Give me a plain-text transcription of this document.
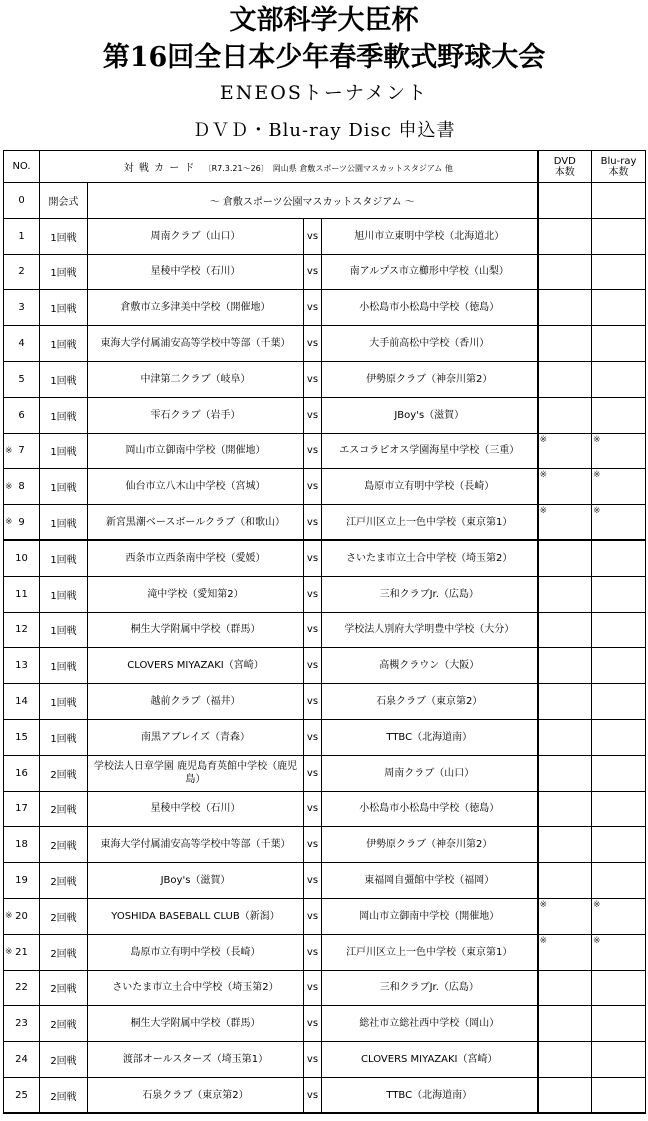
文部科学大臣杯
第16回全日本少年春季軟式野球大会
ENEOSトーナメント
ＤＶＤ・Blu-ray Disc 申込書
NO.	対 戦 カ ー ド 〔R7.3.21～26〕　岡山県 倉敷スポーツ公園マスカットスタジアム 他				DVD
本数	Blu-ray
本数
0	開会式	～ 倉敷スポーツ公園マスカットスタジアム ～				
1	1回戦	周南クラブ（山口）	vs	旭川市立東明中学校（北海道北）		
2	1回戦	星稜中学校（石川）	vs	南アルプス市立櫛形中学校（山梨）		
3	1回戦	倉敷市立多津美中学校（開催地）	vs	小松島市小松島中学校（徳島）		
4	1回戦	東海大学付属浦安高等学校中等部（千葉）	vs	大手前高松中学校（香川）		
5	1回戦	中津第二クラブ（岐阜）	vs	伊勢原クラブ（神奈川第2）		
6	1回戦	雫石クラブ（岩手）	vs	JBoy's（滋賀）		

※ 7	1回戦	岡山市立御南中学校（開催地）	vs	エスコラピオス学園海星中学校（三重）	※	※

※ 8	1回戦	仙台市立八木山中学校（宮城）	vs	島原市立有明中学校（長崎）	※	※

※ 9	1回戦	新宮黒潮ベースボールクラブ（和歌山）	vs	江戸川区立上一色中学校（東京第1）	※	※

10	1回戦	西条市立西条南中学校（愛媛）	vs	さいたま市立土合中学校（埼玉第2）		
11	1回戦	滝中学校（愛知第2）	vs	三和クラブJr.（広島）		
12	1回戦	桐生大学附属中学校（群馬）	vs	学校法人別府大学明豊中学校（大分）		
13	1回戦	CLOVERS MIYAZAKI（宮崎）	vs	高槻クラウン（大阪）		
14	1回戦	越前クラブ（福井）	vs	石泉クラブ（東京第2）		
15	1回戦	南黒アブレイズ（青森）	vs	TTBC（北海道南）		
16	2回戦	学校法人日章学園 鹿児島育英館中学校（鹿児島）	vs	周南クラブ（山口）		
17	2回戦	星稜中学校（石川）	vs	小松島市小松島中学校（徳島）		
18	2回戦	東海大学付属浦安高等学校中等部（千葉）	vs	伊勢原クラブ（神奈川第2）		
19	2回戦	JBoy's（滋賀）	vs	東福岡自彊館中学校（福岡）		

※ 20	2回戦	YOSHIDA BASEBALL CLUB（新潟）	vs	岡山市立御南中学校（開催地）	※	※

※ 21	2回戦	島原市立有明中学校（長崎）	vs	江戸川区立上一色中学校（東京第1）	※	※

22	2回戦	さいたま市立土合中学校（埼玉第2）	vs	三和クラブJr.（広島）		
23	2回戦	桐生大学附属中学校（群馬）	vs	総社市立総社西中学校（岡山）		
24	2回戦	渡部オールスターズ（埼玉第1）	vs	CLOVERS MIYAZAKI（宮崎）		
25	2回戦	石泉クラブ（東京第2）	vs	TTBC（北海道南）		
